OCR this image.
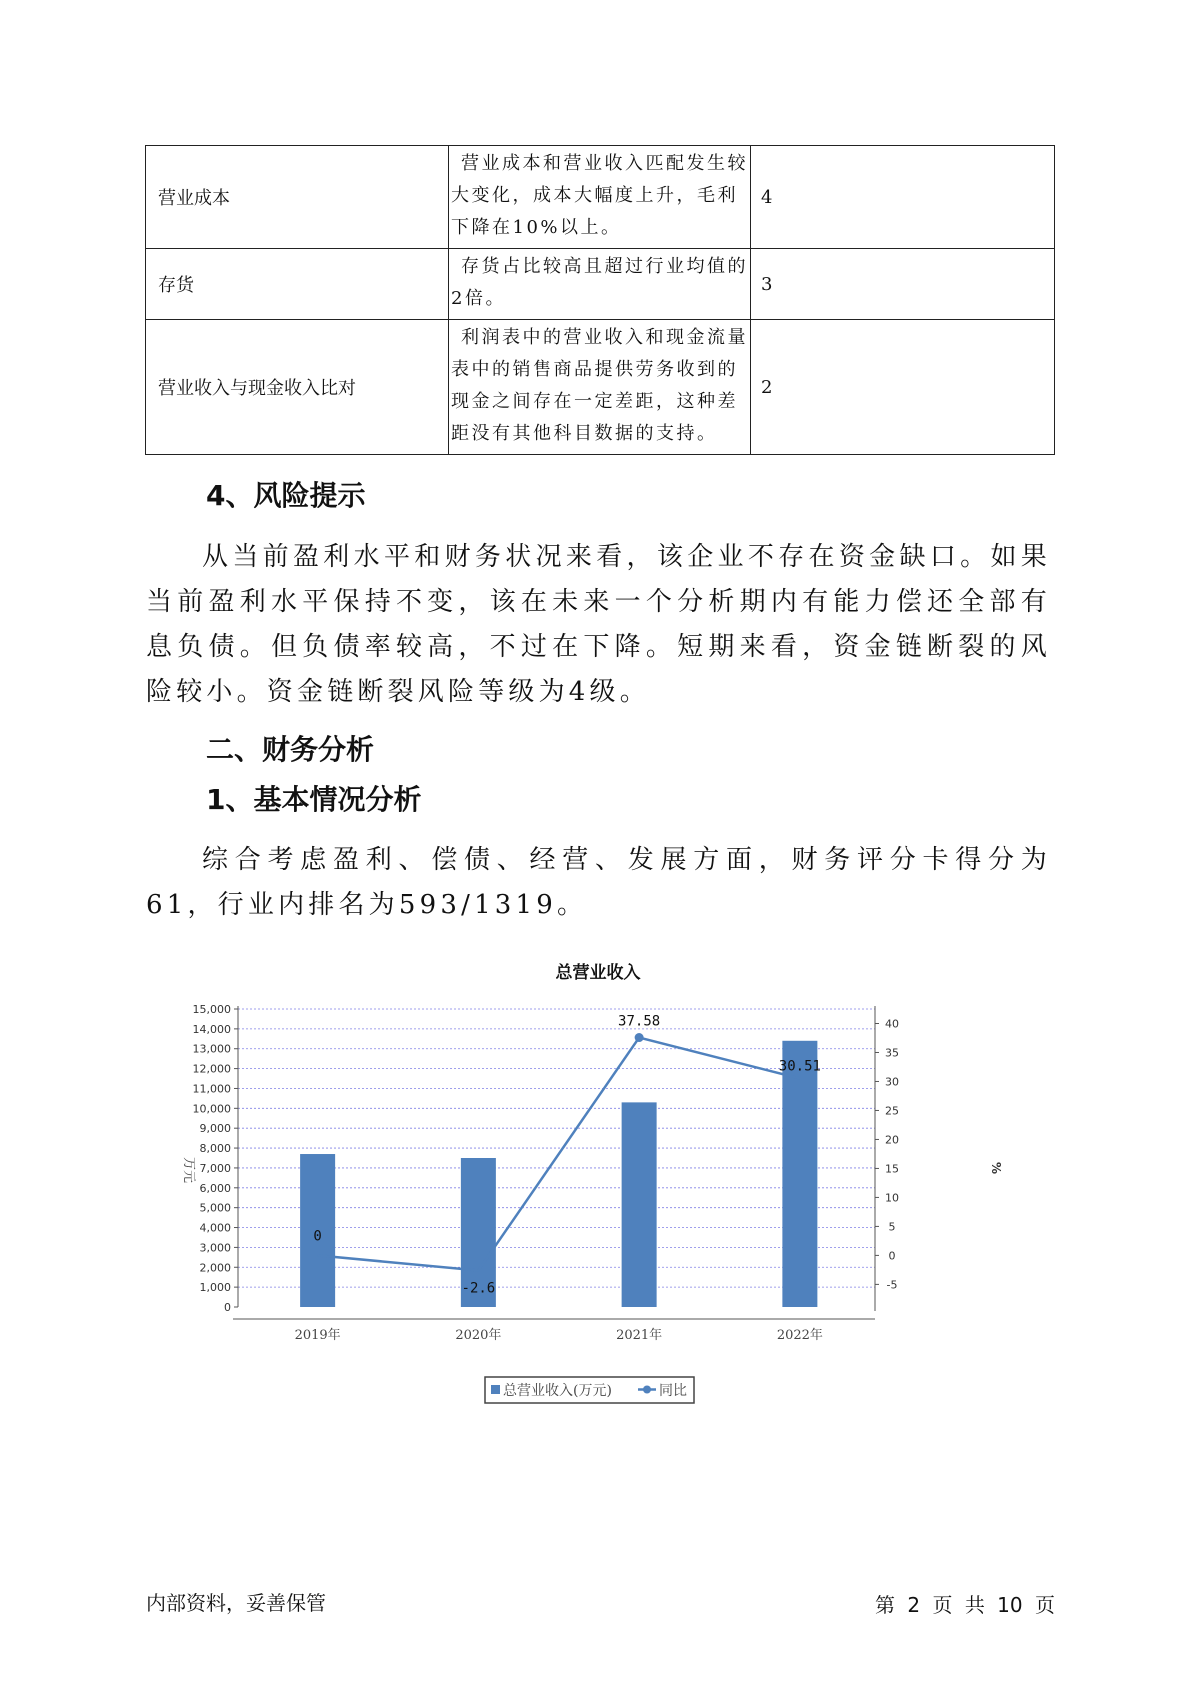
营业成本	营业成本和营业收入匹配发生较大变化，成本大幅度上升，毛利下降在10%以上。	4
存货	存货占比较高且超过行业均值的2倍。	3
营业收入与现金收入比对	利润表中的营业收入和现金流量表中的销售商品提供劳务收到的现金之间存在一定差距，这种差距没有其他科目数据的支持。	2
4、风险提示

从当前盈利水平和财务状况来看，该企业不存在资金缺口。如果当前盈利水平保持不变，该在未来一个分析期内有能力偿还全部有息负债。但负债率较高，不过在下降。短期来看，资金链断裂的风险较小。资金链断裂风险等级为4级。

二、财务分析
1、基本情况分析

综合考虑盈利、偿债、经营、发展方面，财务评分卡得分为61，行业内排名为593/1319。

总营业收入
0
1,000
2,000
3,000
4,000
5,000
6,000
7,000
8,000
9,000
10,000
11,000
12,000
13,000
14,000
15,000
-5
0
5
10
15
20
25
30
35
40
2019年	2020年	2021年	2022年
0
-2.6
37.58
30.51
万元	%
总营业收入(万元)	同比
内部资料，妥善保管	第 2 页 共 10 页
